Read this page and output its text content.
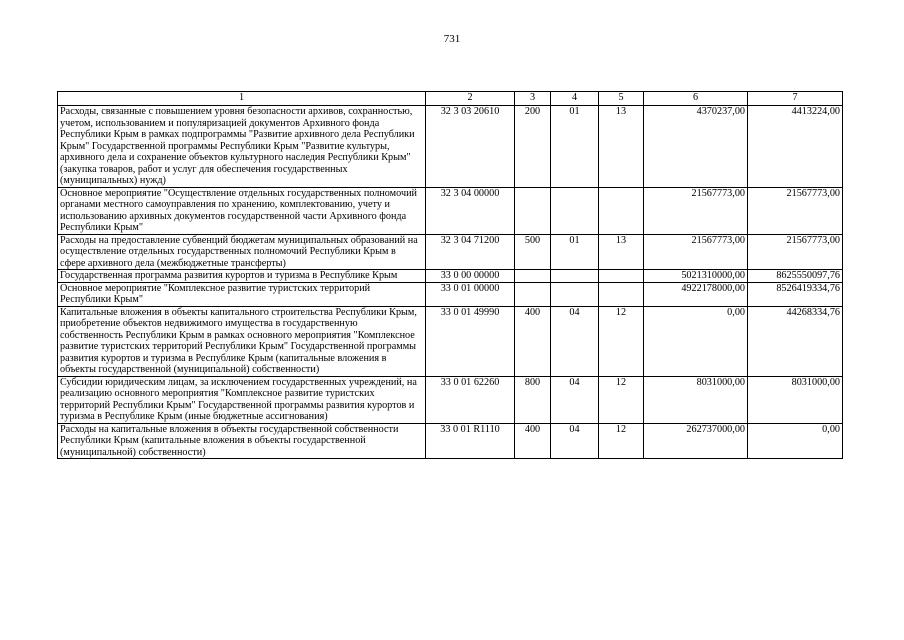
731
1	2	3	4	5	6	7
Расходы, связанные с повышением уровня безопасности архивов, сохранностью, учетом, использованием и популяризацией документов Архивного фонда Республики Крым в рамках подпрограммы "Развитие архивного дела Республики Крым" Государственной программы Республики Крым "Развитие культуры, архивного дела и сохранение объектов культурного наследия Республики Крым" (закупка товаров, работ и услуг для обеспечения государственных (муниципальных) нужд)	32 3 03 20610	200	01	13	4370237,00	4413224,00
Основное мероприятие "Осуществление отдельных государственных полномочий органами местного самоуправления по хранению, комплектованию, учету и использованию архивных документов государственной части Архивного фонда Республики Крым"	32 3 04 00000				21567773,00	21567773,00
Расходы на предоставление субвенций бюджетам муниципальных образований на осуществление отдельных государственных полномочий Республики Крым в сфере архивного дела (межбюджетные трансферты)	32 3 04 71200	500	01	13	21567773,00	21567773,00
Государственная программа развития курортов и туризма в Республике Крым	33 0 00 00000				5021310000,00	8625550097,76
Основное мероприятие "Комплексное развитие туристских территорий Республики Крым"	33 0 01 00000				4922178000,00	8526419334,76
Капитальные вложения в объекты капитального строительства Республики Крым, приобретение объектов недвижимого имущества в государственную собственность Республики Крым в рамках основного мероприятия "Комплексное развитие туристских территорий Республики Крым" Государственной программы развития курортов и туризма в Республике Крым (капитальные вложения в объекты государственной (муниципальной) собственности)	33 0 01 49990	400	04	12	0,00	44268334,76
Субсидии юридическим лицам, за исключением государственных учреждений, на реализацию основного мероприятия "Комплексное развитие туристских территорий Республики Крым" Государственной программы развития курортов и туризма в Республике Крым (иные бюджетные ассигнования)	33 0 01 62260	800	04	12	8031000,00	8031000,00
Расходы на капитальные вложения в объекты государственной собственности Республики Крым (капитальные вложения в объекты государственной (муниципальной) собственности)	33 0 01 R1110	400	04	12	262737000,00	0,00
